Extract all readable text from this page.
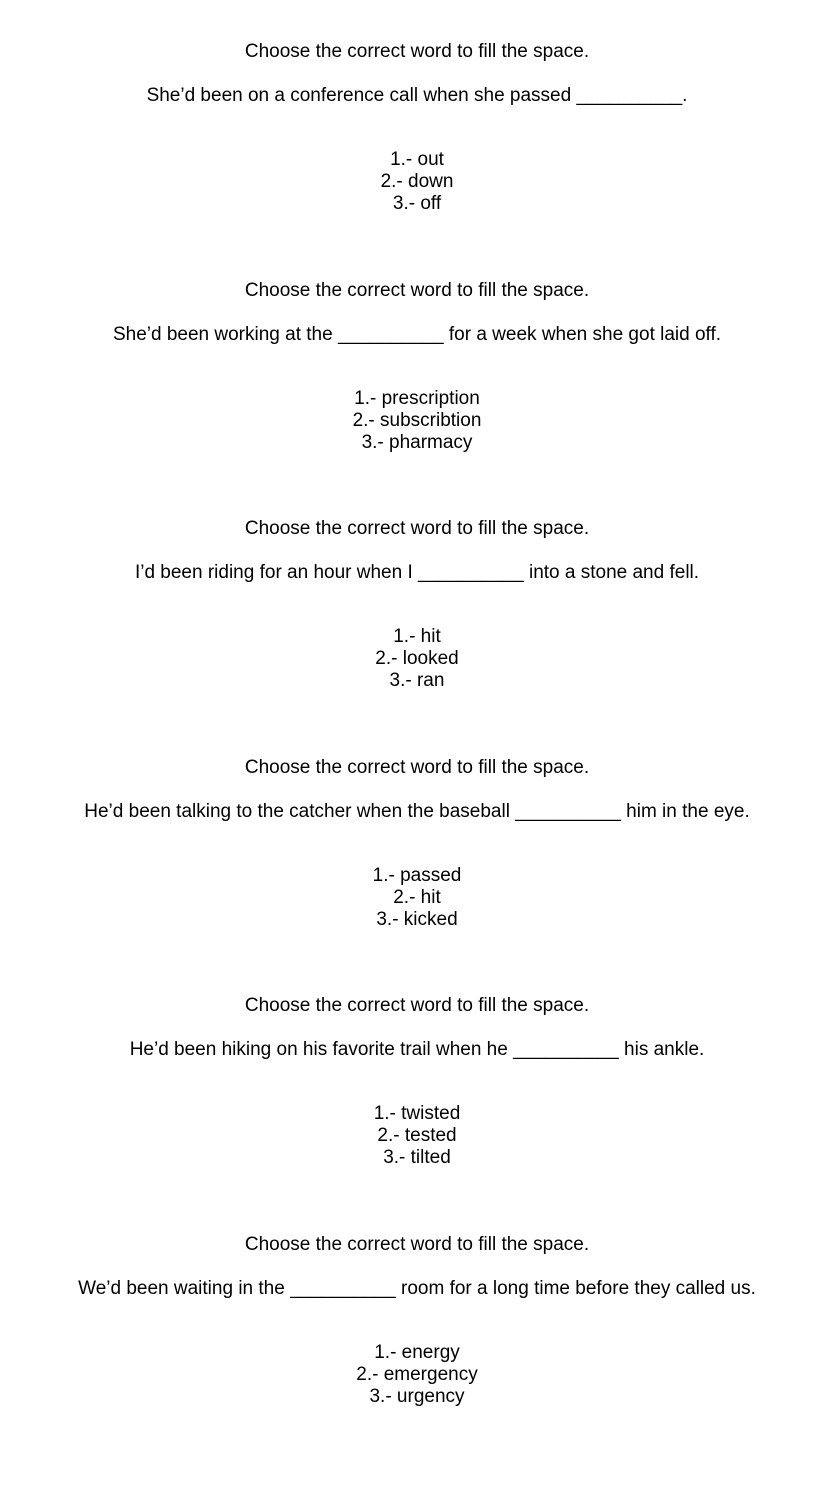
Choose the correct word to fill the space.
She’d been on a conference call when she passed __________.
1.- out
2.- down
3.- off
Choose the correct word to fill the space.
She’d been working at the __________ for a week when she got laid off.
1.- prescription
2.- subscribtion
3.- pharmacy
Choose the correct word to fill the space.
I’d been riding for an hour when I __________ into a stone and fell.
1.- hit
2.- looked
3.- ran
Choose the correct word to fill the space.
He’d been talking to the catcher when the baseball __________ him in the eye.
1.- passed
2.- hit
3.- kicked
Choose the correct word to fill the space.
He’d been hiking on his favorite trail when he __________ his ankle.
1.- twisted
2.- tested
3.- tilted
Choose the correct word to fill the space.
We’d been waiting in the __________ room for a long time before they called us.
1.- energy
2.- emergency
3.- urgency
